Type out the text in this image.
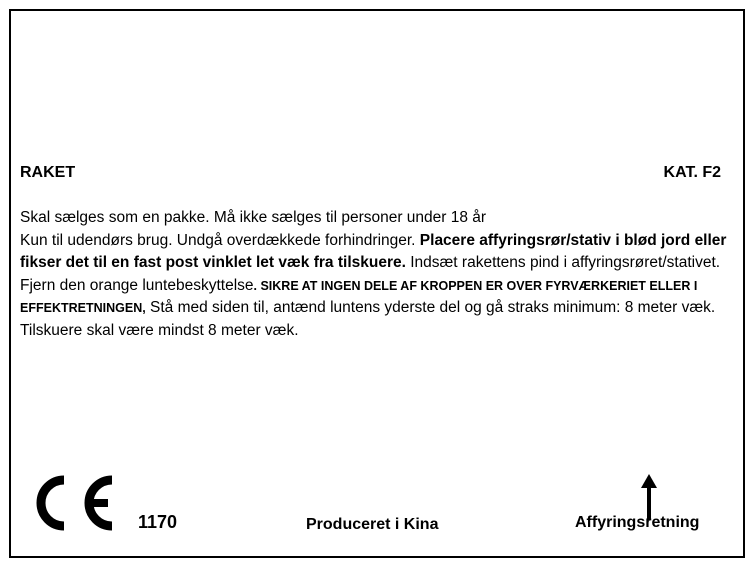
RAKET	KAT. F2

Skal sælges som en pakke. Må ikke sælges til personer under 18 år

Kun til udendørs brug. Undgå overdækkede forhindringer. Placere affyringsrør/stativ i blød jord eller fikser det til en fast post vinklet let væk fra tilskuere. Indsæt rakettens pind i affyringsrøret/stativet. Fjern den orange luntebeskyttelse. SIKRE AT INGEN DELE AF KROPPEN ER OVER FYRVÆRKERIET ELLER I EFFEKTRETNINGEN, Stå med siden til, antænd luntens yderste del og gå straks minimum: 8 meter væk.

Tilskuere skal være mindst 8 meter væk.

1170	Produceret i Kina	Affyringsretning
